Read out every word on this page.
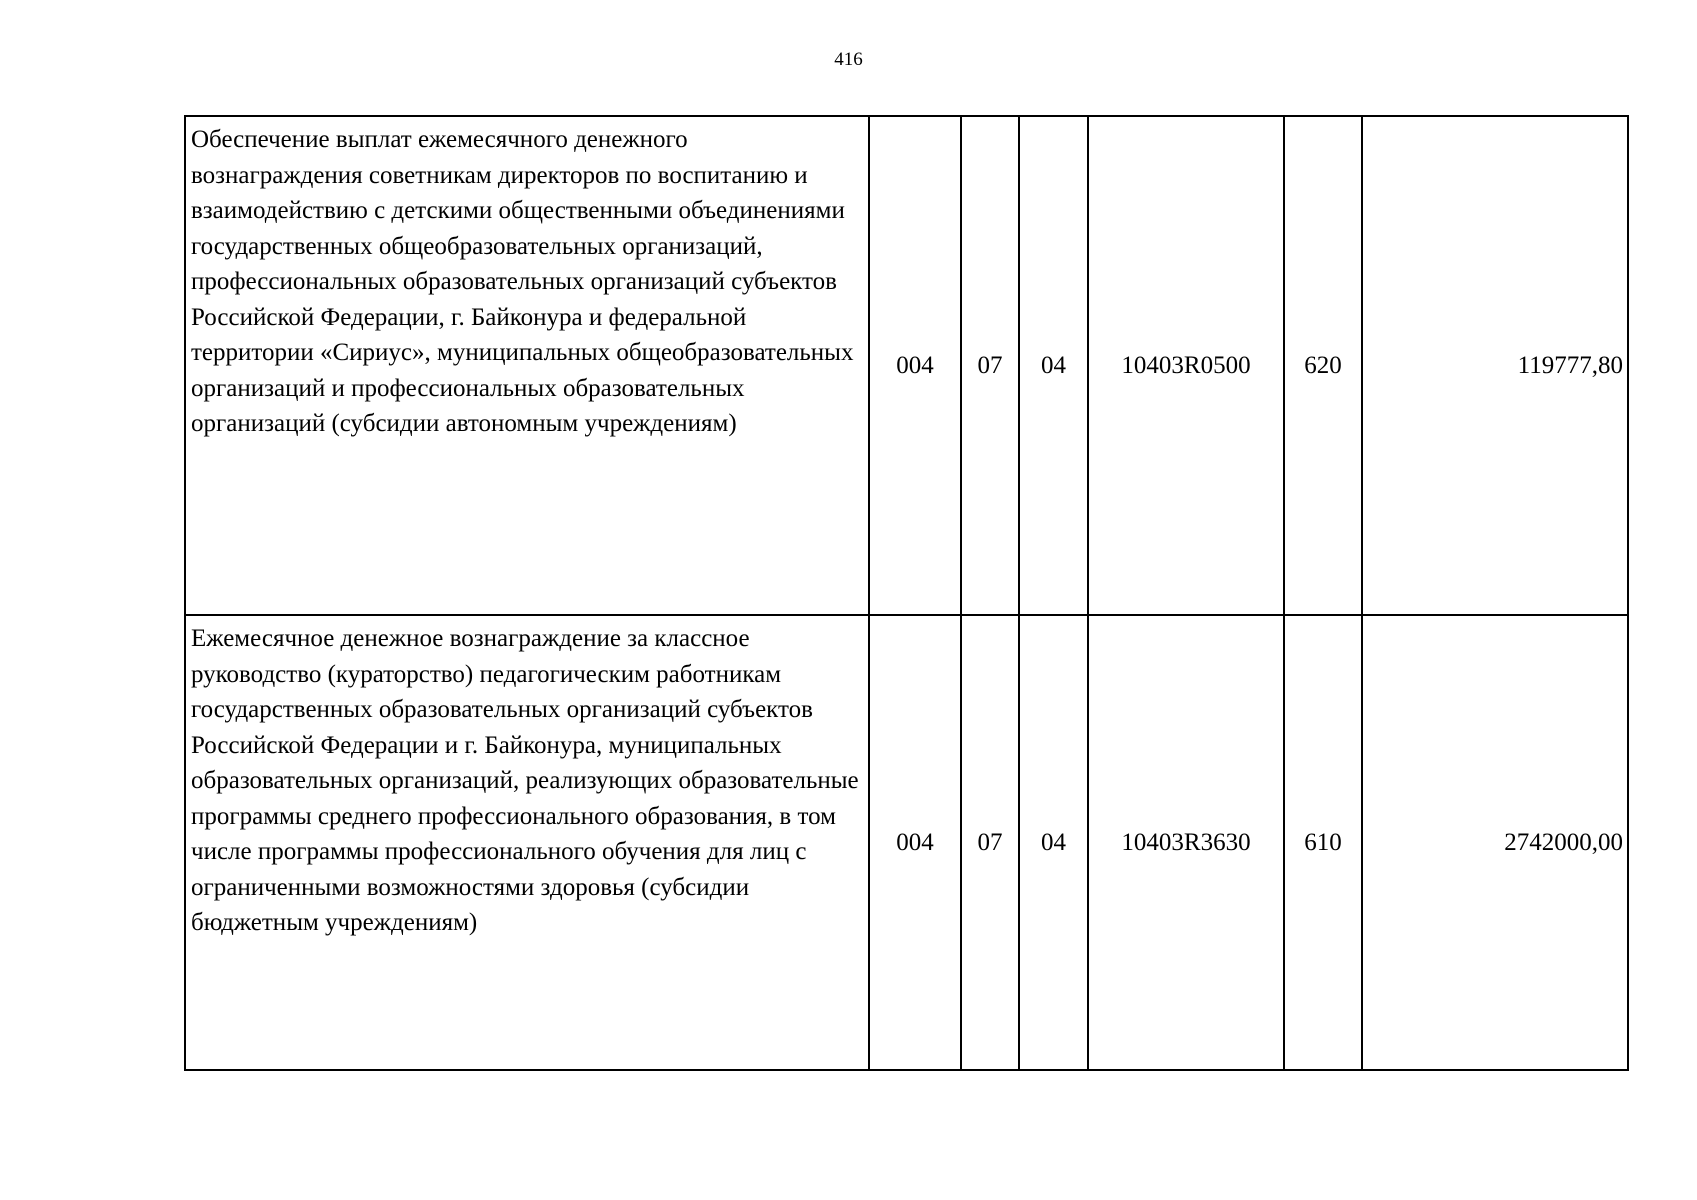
416
Обеспечение выплат ежемесячного денежного вознаграждения советникам директоров по воспитанию и взаимодействию с детскими общественными объединениями государственных общеобразовательных организаций, профессиональных образовательных организаций субъектов Российской Федерации, г. Байконура и федеральной территории «Сириус», муниципальных общеобразовательных организаций и профессиональных образовательных организаций (субсидии автономным учреждениям)	004	07	04	10403R0500	620	119777,80
Ежемесячное денежное вознаграждение за классное руководство (кураторство) педагогическим работникам государственных образовательных организаций субъектов Российской Федерации и г. Байконура, муниципальных образовательных организаций, реализующих образовательные программы среднего профессионального образования, в том числе программы профессионального обучения для лиц с ограниченными возможностями здоровья (субсидии бюджетным учреждениям)	004	07	04	10403R3630	610	2742000,00
